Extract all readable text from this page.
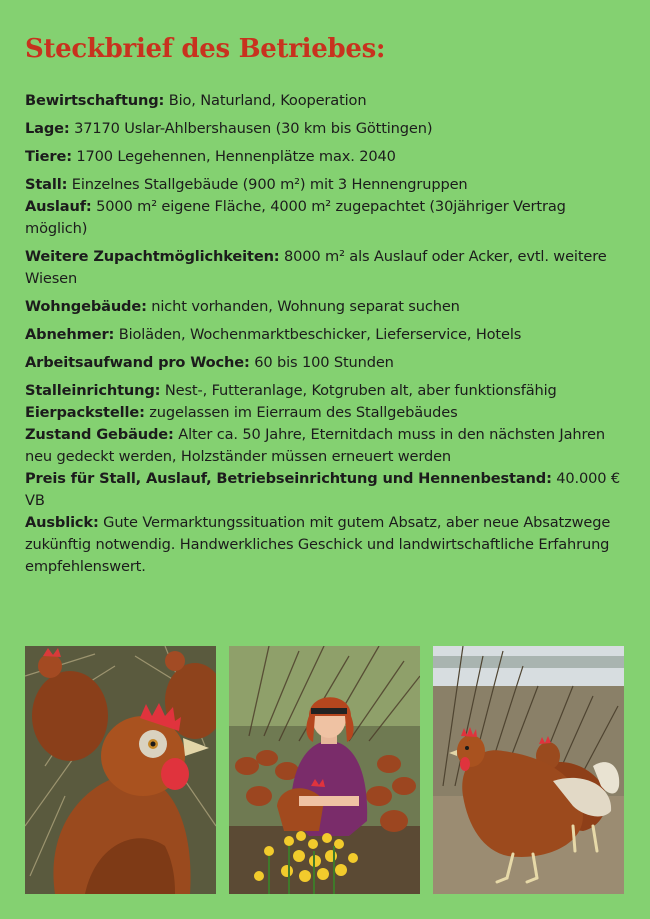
Steckbrief des Betriebes:

Bewirtschaftung: Bio, Naturland, Kooperation

Lage: 37170 Uslar-Ahlbershausen (30 km bis Göttingen)

Tiere: 1700 Legehennen, Hennenplätze max. 2040

Stall: Einzelnes Stallgebäude (900 m²) mit 3 Hennengruppen

Auslauf: 5000 m² eigene Fläche, 4000 m² zugepachtet (30jähriger Vertrag möglich)

Weitere Zupachtmöglichkeiten: 8000 m² als Auslauf oder Acker, evtl. weitere Wiesen

Wohngebäude: nicht vorhanden, Wohnung separat suchen

Abnehmer: Bioläden, Wochenmarktbeschicker, Lieferservice, Hotels

Arbeitsaufwand pro Woche: 60 bis 100 Stunden

Stalleinrichtung: Nest-, Futteranlage, Kotgruben alt, aber funktionsfähig

Eierpackstelle: zugelassen im Eierraum des Stallgebäudes

Zustand Gebäude: Alter ca. 50 Jahre, Eternitdach muss in den nächsten Jahren neu gedeckt werden, Holzständer müssen erneuert werden

Preis für Stall, Auslauf, Betriebseinrichtung und Hennenbestand: 40.000 € VB

Ausblick: Gute Vermarktungssituation mit gutem Absatz, aber neue Absatzwege zukünftig notwendig. Handwerkliches Geschick und landwirtschaftliche Erfahrung empfehlenswert.
